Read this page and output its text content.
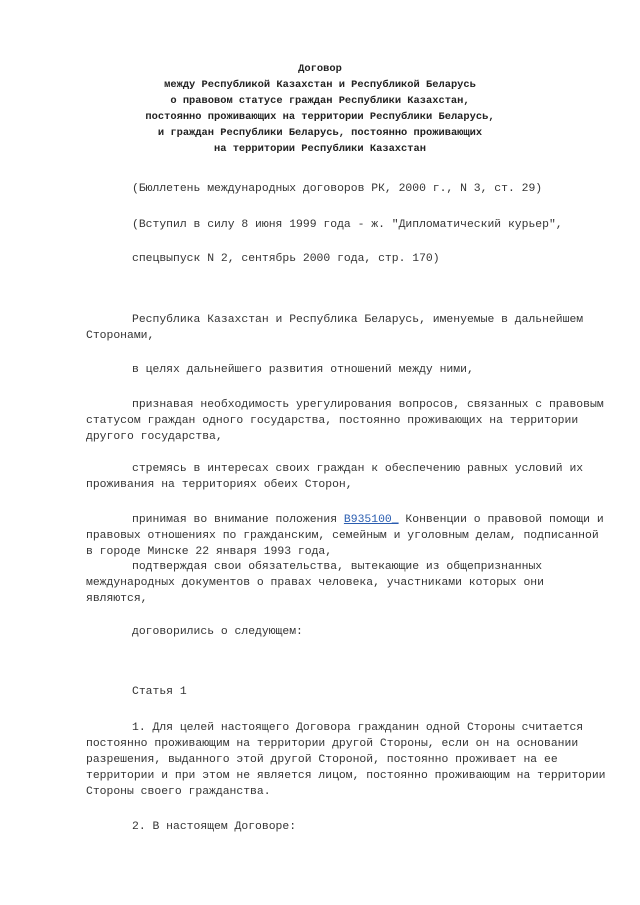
Договор
между Республикой Казахстан и Республикой Беларусь
о правовом статусе граждан Республики Казахстан,
постоянно проживающих на территории Республики Беларусь,
и граждан Республики Беларусь, постоянно проживающих
на территории Республики Казахстан
(Бюллетень международных договоров РК, 2000 г., N 3, ст. 29)
(Вступил в силу 8 июня 1999 года - ж. "Дипломатический курьер",
спецвыпуск N 2, сентябрь 2000 года, стр. 170)
Республика Казахстан и Республика Беларусь, именуемые в дальнейшем
Сторонами,
в целях дальнейшего развития отношений между ними,
признавая необходимость урегулирования вопросов, связанных с правовым
статусом граждан одного государства, постоянно проживающих на территории
другого государства,
стремясь в интересах своих граждан к обеспечению равных условий их
проживания на территориях обеих Сторон,
принимая во внимание положения B935100_ Конвенции о правовой помощи и
правовых отношениях по гражданским, семейным и уголовным делам, подписанной
в городе Минске 22 января 1993 года,
подтверждая свои обязательства, вытекающие из общепризнанных
международных документов о правах человека, участниками которых они
являются,
договорились о следующем:
Статья 1
1. Для целей настоящего Договора гражданин одной Стороны считается
постоянно проживающим на территории другой Стороны, если он на основании
разрешения, выданного этой другой Стороной, постоянно проживает на ее
территории и при этом не является лицом, постоянно проживающим на территории
Стороны своего гражданства.
2. В настоящем Договоре:
